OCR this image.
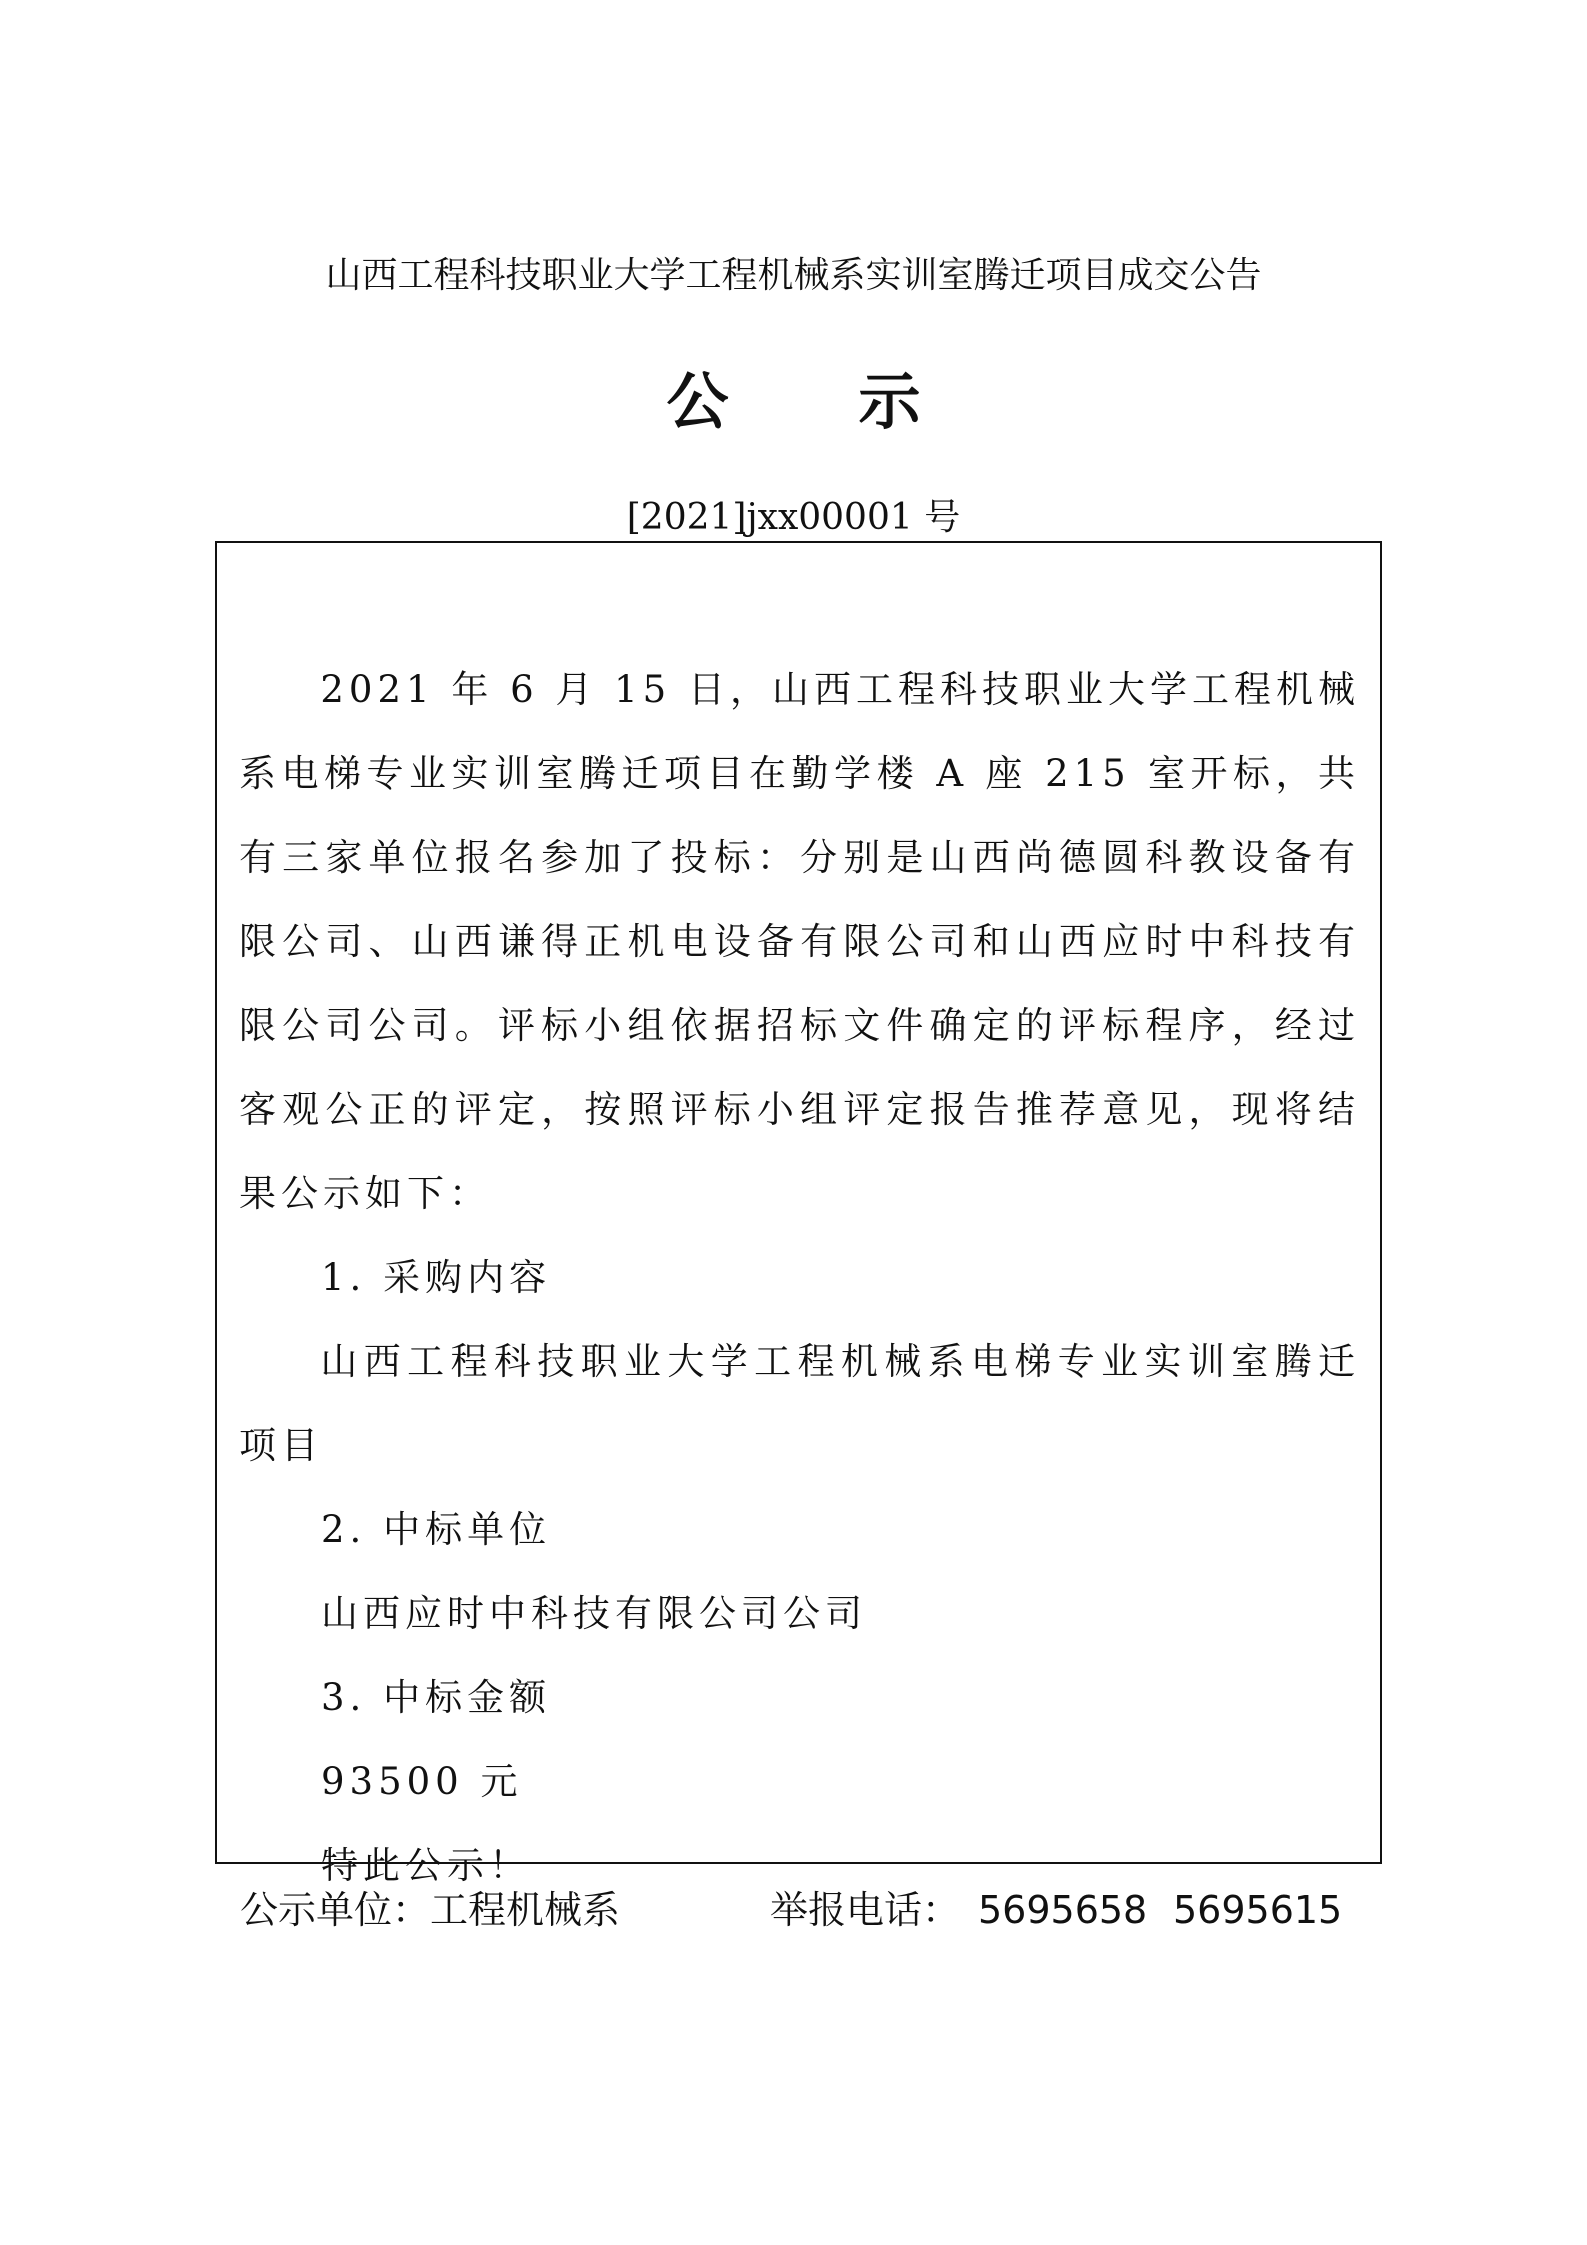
山西工程科技职业大学工程机械系实训室腾迁项目成交公告
公示
[2021]jxx00001 号

2021 年 6 月 15 日，山西工程科技职业大学工程机械系电梯专业实训室腾迁项目在勤学楼 A 座 215 室开标，共有三家单位报名参加了投标：分别是山西尚德圆科教设备有限公司、山西谦得正机电设备有限公司和山西应时中科技有限公司公司。评标小组依据招标文件确定的评标程序，经过客观公正的评定，按照评标小组评定报告推荐意见，现将结果公示如下：

1. 采购内容

山西工程科技职业大学工程机械系电梯专业实训室腾迁项目

2. 中标单位

山西应时中科技有限公司公司

3. 中标金额

93500 元

特此公示！

公示单位：工程机械系	举报电话： 5695658 5695615
